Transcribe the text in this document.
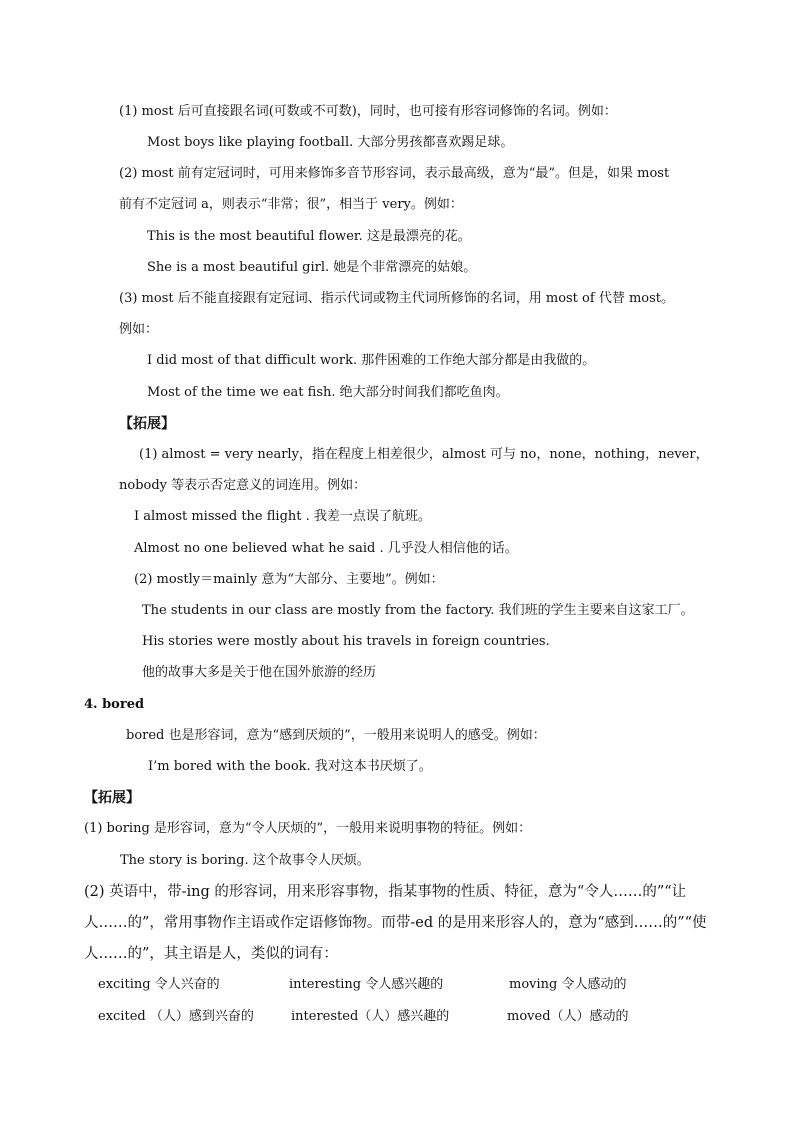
(1) most 后可直接跟名词(可数或不可数)，同时，也可接有形容词修饰的名词。例如：
Most boys like playing football. 大部分男孩都喜欢踢足球。
(2) most 前有定冠词时，可用来修饰多音节形容词，表示最高级，意为“最”。但是，如果 most
前有不定冠词 a，则表示“非常；很”，相当于 very。例如：
This is the most beautiful flower. 这是最漂亮的花。
She is a most beautiful girl. 她是个非常漂亮的姑娘。
(3) most 后不能直接跟有定冠词、指示代词或物主代词所修饰的名词，用 most of 代替 most。
例如：
I did most of that difficult work. 那件困难的工作绝大部分都是由我做的。
Most of the time we eat fish. 绝大部分时间我们都吃鱼肉。
【拓展】
(1) almost = very nearly，指在程度上相差很少，almost 可与 no，none，nothing，never，
nobody 等表示否定意义的词连用。例如：
I almost missed the flight . 我差一点误了航班。
Almost no one believed what he said . 几乎没人相信他的话。
(2) mostly＝mainly 意为“大部分、主要地”。例如：
The students in our class are mostly from the factory. 我们班的学生主要来自这家工厂。
His stories were mostly about his travels in foreign countries.
他的故事大多是关于他在国外旅游的经历
4. bored
bored 也是形容词，意为“感到厌烦的”，一般用来说明人的感受。例如：
I’m bored with the book. 我对这本书厌烦了。
【拓展】
(1) boring 是形容词，意为“令人厌烦的”，一般用来说明事物的特征。例如：
The story is boring. 这个故事令人厌烦。
(2) 英语中，带-ing 的形容词，用来形容事物，指某事物的性质、特征，意为“令人……的”“让
人……的”，常用事物作主语或作定语修饰物。而带-ed 的是用来形容人的，意为“感到……的”“使
人……的”，其主语是人，类似的词有：
exciting 令人兴奋的	interesting 令人感兴趣的	moving 令人感动的
excited （人）感到兴奋的	interested（人）感兴趣的	moved（人）感动的
